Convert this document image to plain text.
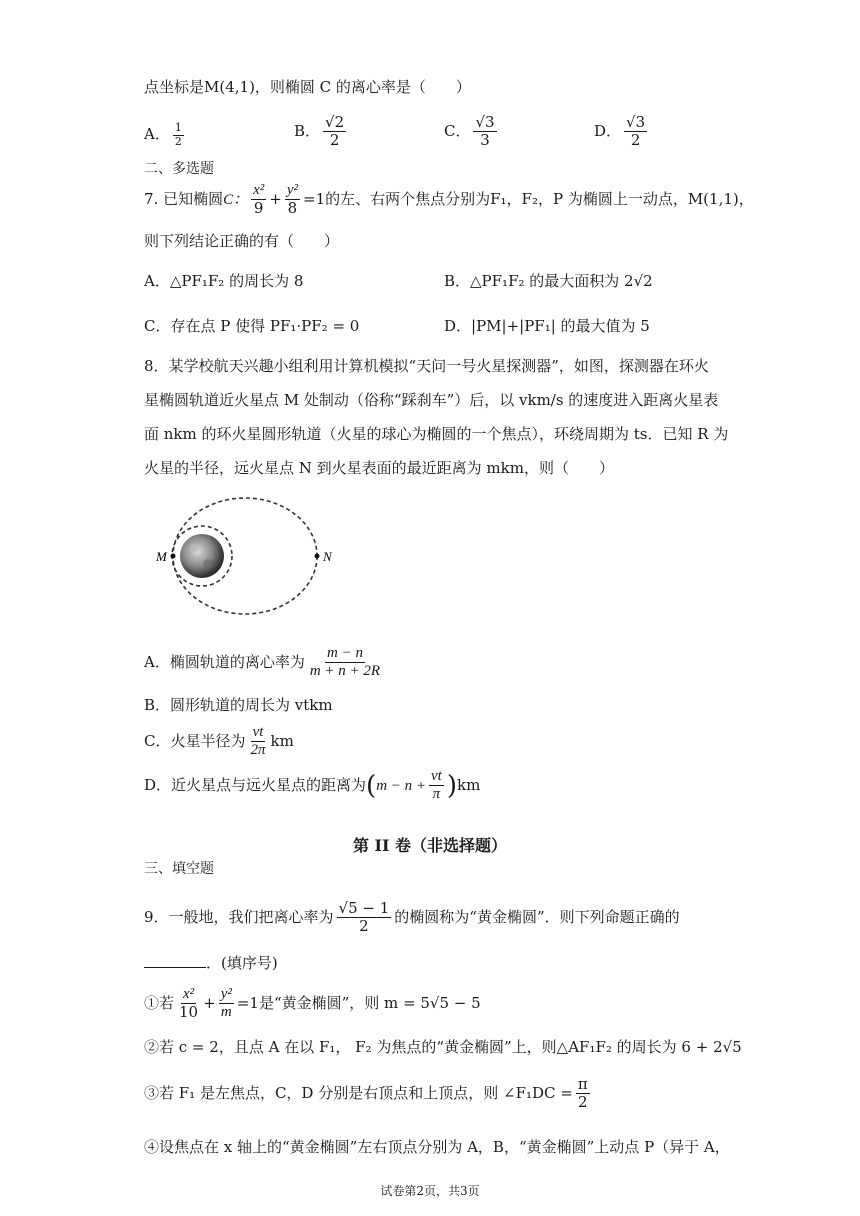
点坐标是M(4,1)，则椭圆 C 的离心率是（　　）
A． $\frac{1}{2}$	B． $\frac{√2}{2}$	C． $\frac{√3}{3}$	D． $\frac{√3}{2}$
二、多选题
7. 已知椭圆C： $\frac{\text{x²}}{9} + \frac{\text{y²}}{8} =1$的左、右两个焦点分别为F₁，F₂，P 为椭圆上一动点，M(1,1)，
则下列结论正确的有（　　）
A．△PF₁F₂ 的周长为 8	B．△PF₁F₂ 的最大面积为 2√2
C．存在点 P 使得 PF₁·PF₂ = 0	D．|PM|+|PF₁| 的最大值为 5
8．某学校航天兴趣小组利用计算机模拟“天问一号火星探测器”，如图，探测器在环火
星椭圆轨道近火星点 M 处制动（俗称“踩刹车”）后，以 vkm/s 的速度进入距离火星表
面 nkm 的环火星圆形轨道（火星的球心为椭圆的一个焦点），环绕周期为 ts．已知 R 为
火星的半径，远火星点 N 到火星表面的最近距离为 mkm，则（　　）
M	N
A．椭圆轨道的离心率为 $\frac{m - n}{m + n + 2R}$
B．圆形轨道的周长为 vtkm
C．火星半径为 $\frac{vt}{2\pi}$ km
D．近火星点与远火星点的距离为$(m - n + \frac{vt}{\pi} )km$
第 II 卷（非选择题）
三、填空题
9．一般地，我们把离心率为 $\frac{√5 - 1}{2}$ 的椭圆称为“黄金椭圆”．则下列命题正确的
．(填序号)
①若 $\frac{\text{x²}}{10} + \frac{\text{y²}}{m} =1$是“黄金椭圆”，则 m = 5√5 − 5
②若 c = 2，且点 A 在以 F₁， F₂ 为焦点的“黄金椭圆”上，则△AF₁F₂ 的周长为 6 + 2√5
③若 F₁ 是左焦点，C，D 分别是右顶点和上顶点，则 ∠F₁DC = $\frac{\pi}{2}$
④设焦点在 x 轴上的“黄金椭圆”左右顶点分别为 A，B，“黄金椭圆”上动点 P（异于 A，
试卷第2页，共3页
